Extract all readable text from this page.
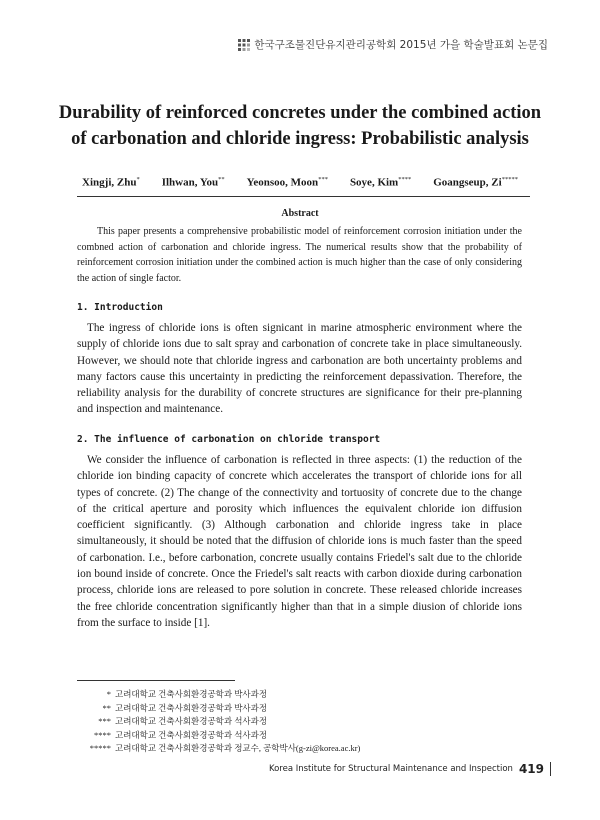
한국구조물진단유지관리공학회 2015년 가을 학술발표회 논문집
Durability of reinforced concretes under the combined action
of carbonation and chloride ingress: Probabilistic analysis
Xingji, Zhu* Ilhwan, You** Yeonsoo, Moon*** Soye, Kim**** Goangseup, Zi*****
Abstract

This paper presents a comprehensive probabilistic model of reinforcement corrosion initiation under the combned action of carbonation and chloride ingress. The numerical results show that the probability of reinforcement corrosion initiation under the combined action is much higher than the case of only considering the action of single factor.

1. Introduction

The ingress of chloride ions is often signicant in marine atmospheric environment where the supply of chloride ions due to salt spray and carbonation of concrete take in place simultaneously. However, we should note that chloride ingress and carbonation are both uncertainty problems and many factors cause this uncertainty in predicting the reinforcement depassivation. Therefore, the reliability analysis for the durability of concrete structures are significance for their pre-planning and inspection and maintenance.

2. The influence of carbonation on chloride transport

We consider the influence of carbonation is reflected in three aspects: (1) the reduction of the chloride ion binding capacity of concrete which accelerates the transport of chloride ions for all types of concrete. (2) The change of the connectivity and tortuosity of concrete due to the change of the critical aperture and porosity which influences the equivalent chloride ion diffusion coefficient significantly. (3) Although carbonation and chloride ingress take in place simultaneously, it should be noted that the diffusion of chloride ions is much faster than the speed of carbonation. I.e., before carbonation, concrete usually contains Friedel's salt due to the chloride ion bound inside of concrete. Once the Friedel's salt reacts with carbon dioxide during carbonation process, chloride ions are released to pore solution in concrete. These released chloride increases the free chloride concentration significantly higher than that in a simple diusion of chloride ions from the surface to inside [1].

* 고려대학교 건축사회환경공학과 박사과정
** 고려대학교 건축사회환경공학과 박사과정
*** 고려대학교 건축사회환경공학과 석사과정
**** 고려대학교 건축사회환경공학과 석사과정
***** 고려대학교 건축사회환경공학과 정교수, 공학박사(g-zi@korea.ac.kr)
Korea Institute for Structural Maintenance and Inspection 419
